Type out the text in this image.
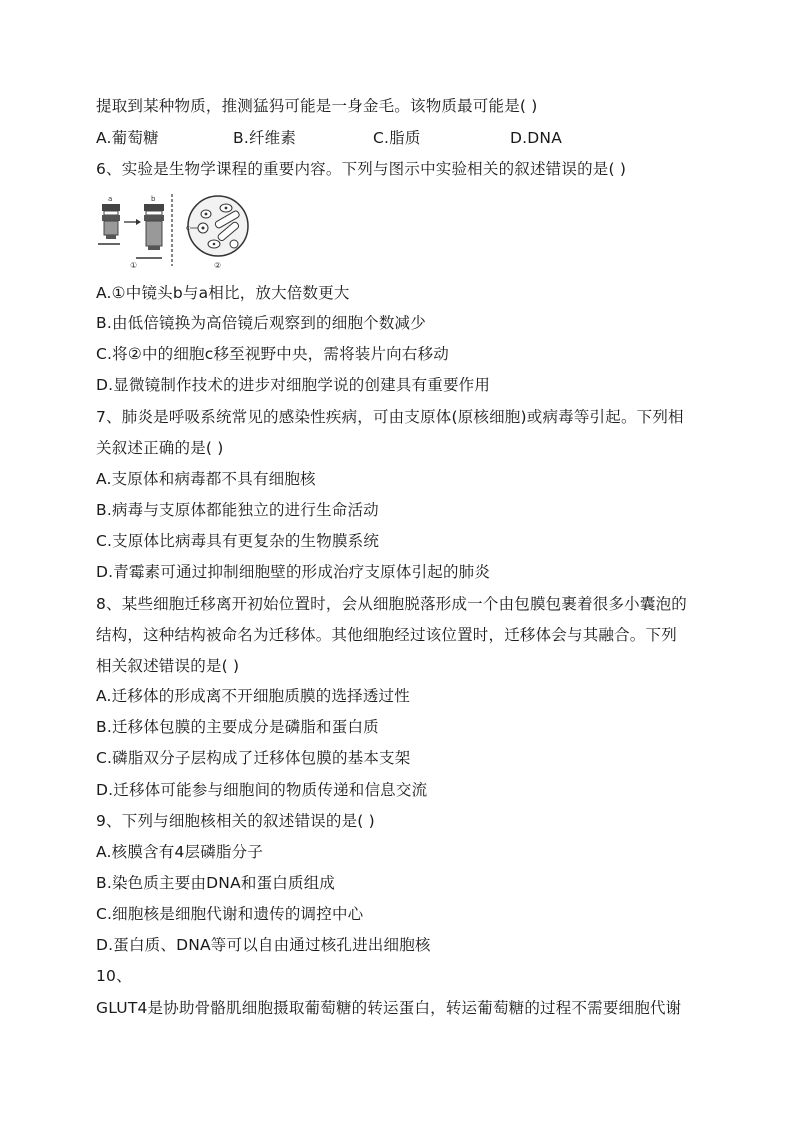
提取到某种物质，推测猛犸可能是一身金毛。该物质最可能是( )
A.葡萄糖	B.纤维素	C.脂质	D.DNA
6、实验是生物学课程的重要内容。下列与图示中实验相关的叙述错误的是( )
a	b
①
c
②
A.①中镜头b与a相比，放大倍数更大
B.由低倍镜换为高倍镜后观察到的细胞个数减少
C.将②中的细胞c移至视野中央，需将装片向右移动
D.显微镜制作技术的进步对细胞学说的创建具有重要作用
7、肺炎是呼吸系统常见的感染性疾病，可由支原体(原核细胞)或病毒等引起。下列相
关叙述正确的是( )
A.支原体和病毒都不具有细胞核
B.病毒与支原体都能独立的进行生命活动
C.支原体比病毒具有更复杂的生物膜系统
D.青霉素可通过抑制细胞壁的形成治疗支原体引起的肺炎
8、某些细胞迁移离开初始位置时，会从细胞脱落形成一个由包膜包裹着很多小囊泡的
结构，这种结构被命名为迁移体。其他细胞经过该位置时，迁移体会与其融合。下列
相关叙述错误的是( )
A.迁移体的形成离不开细胞质膜的选择透过性
B.迁移体包膜的主要成分是磷脂和蛋白质
C.磷脂双分子层构成了迁移体包膜的基本支架
D.迁移体可能参与细胞间的物质传递和信息交流
9、下列与细胞核相关的叙述错误的是( )
A.核膜含有4层磷脂分子
B.染色质主要由DNA和蛋白质组成
C.细胞核是细胞代谢和遗传的调控中心
D.蛋白质、DNA等可以自由通过核孔进出细胞核
10、
GLUT4是协助骨骼肌细胞摄取葡萄糖的转运蛋白，转运葡萄糖的过程不需要细胞代谢
